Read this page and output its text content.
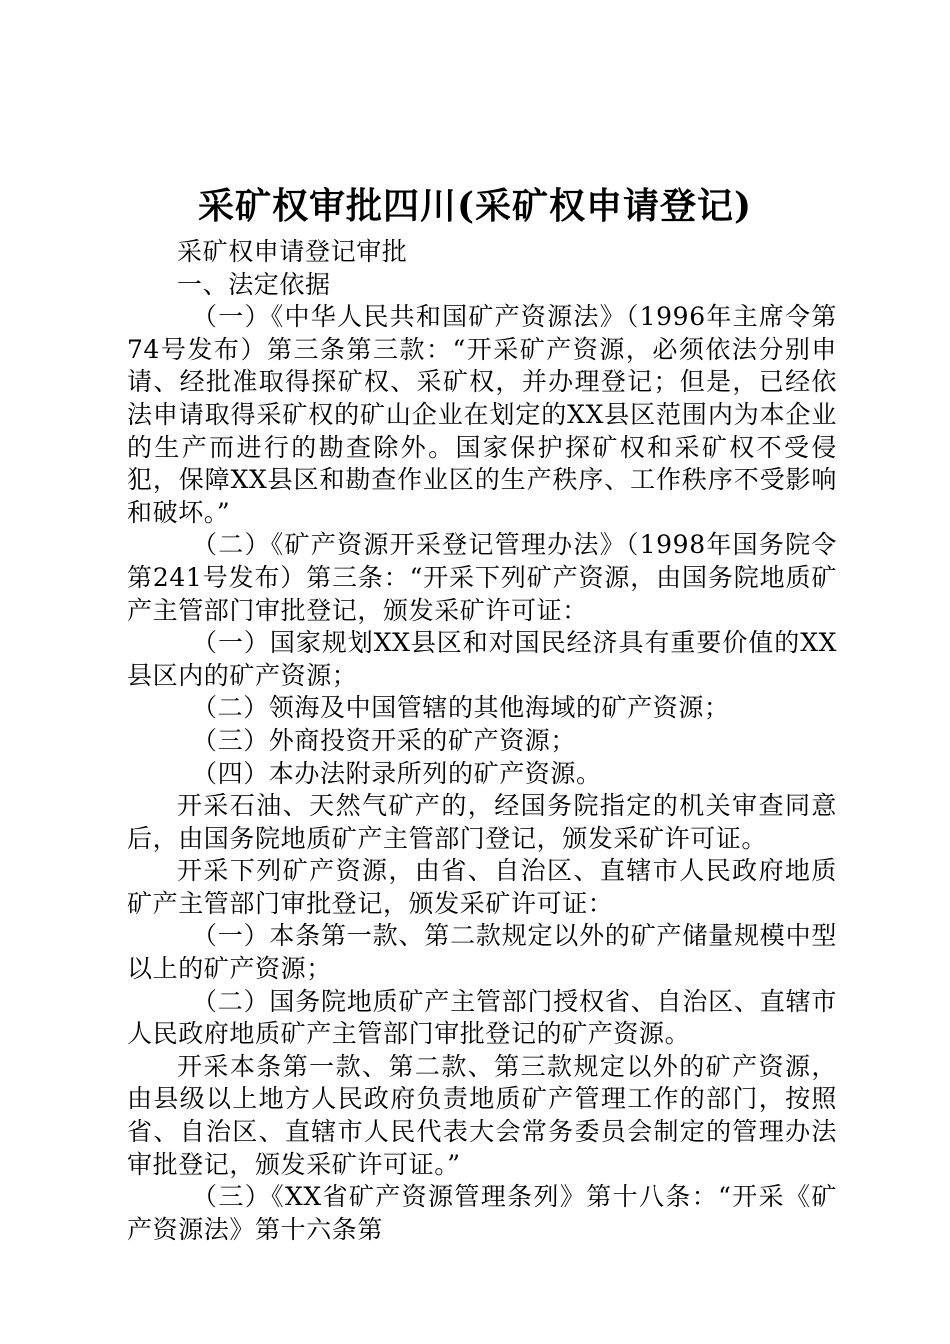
采矿权审批四川(采矿权申请登记)

采矿权申请登记审批

一、法定依据

（一）《中华人民共和国矿产资源法》（1996年主席令第74号发布）第三条第三款：“开采矿产资源，必须依法分别申请、经批准取得探矿权、采矿权，并办理登记；但是，已经依法申请取得采矿权的矿山企业在划定的XX县区范围内为本企业的生产而进行的勘查除外。国家保护探矿权和采矿权不受侵犯，保障XX县区和勘查作业区的生产秩序、工作秩序不受影响和破坏。”

（二）《矿产资源开采登记管理办法》（1998年国务院令第241号发布）第三条：“开采下列矿产资源，由国务院地质矿产主管部门审批登记，颁发采矿许可证：

（一）国家规划XX县区和对国民经济具有重要价值的XX县区内的矿产资源；

（二）领海及中国管辖的其他海域的矿产资源；

（三）外商投资开采的矿产资源；

（四）本办法附录所列的矿产资源。

开采石油、天然气矿产的，经国务院指定的机关审查同意后，由国务院地质矿产主管部门登记，颁发采矿许可证。

开采下列矿产资源，由省、自治区、直辖市人民政府地质矿产主管部门审批登记，颁发采矿许可证：

（一）本条第一款、第二款规定以外的矿产储量规模中型以上的矿产资源；

（二）国务院地质矿产主管部门授权省、自治区、直辖市人民政府地质矿产主管部门审批登记的矿产资源。

开采本条第一款、第二款、第三款规定以外的矿产资源，由县级以上地方人民政府负责地质矿产管理工作的部门，按照省、自治区、直辖市人民代表大会常务委员会制定的管理办法审批登记，颁发采矿许可证。”

（三）《XX省矿产资源管理条列》第十八条：“开采《矿产资源法》第十六条第
